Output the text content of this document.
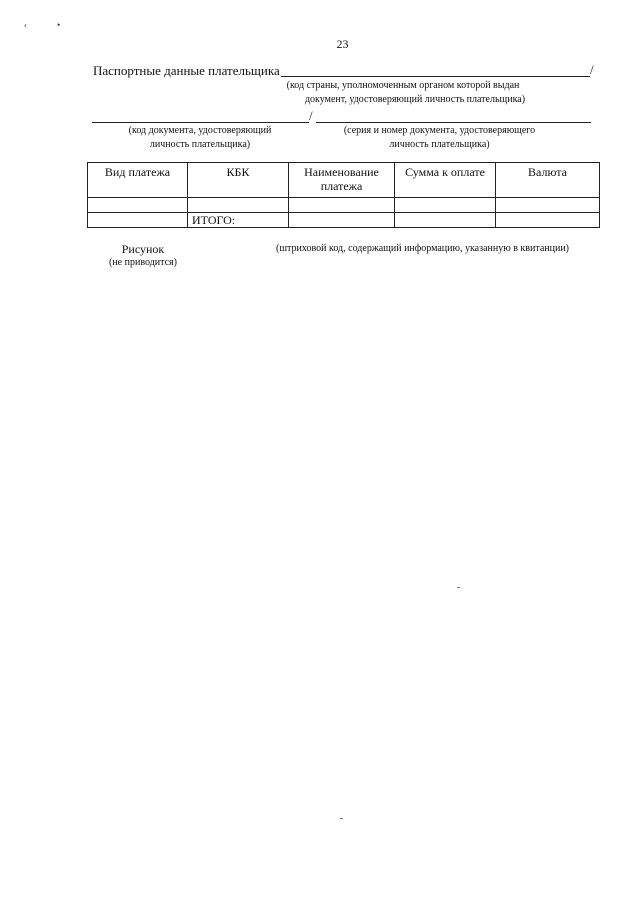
‹	•
23
Паспортные данные плательщика	/
(код страны, уполномоченным органом которой выдан
документ, удостоверяющий личность плательщика)
/
(код документа, удостоверяющий
личность плательщика)
(серия и номер документа, удостоверяющего
личность плательщика)
Вид платежа	КБК	Наименование платежа	Сумма к оплате	Валюта

	ИТОГО:			
Рисунок
(не приводится)
(штриховой код, содержащий информацию, указанную в квитанции)
